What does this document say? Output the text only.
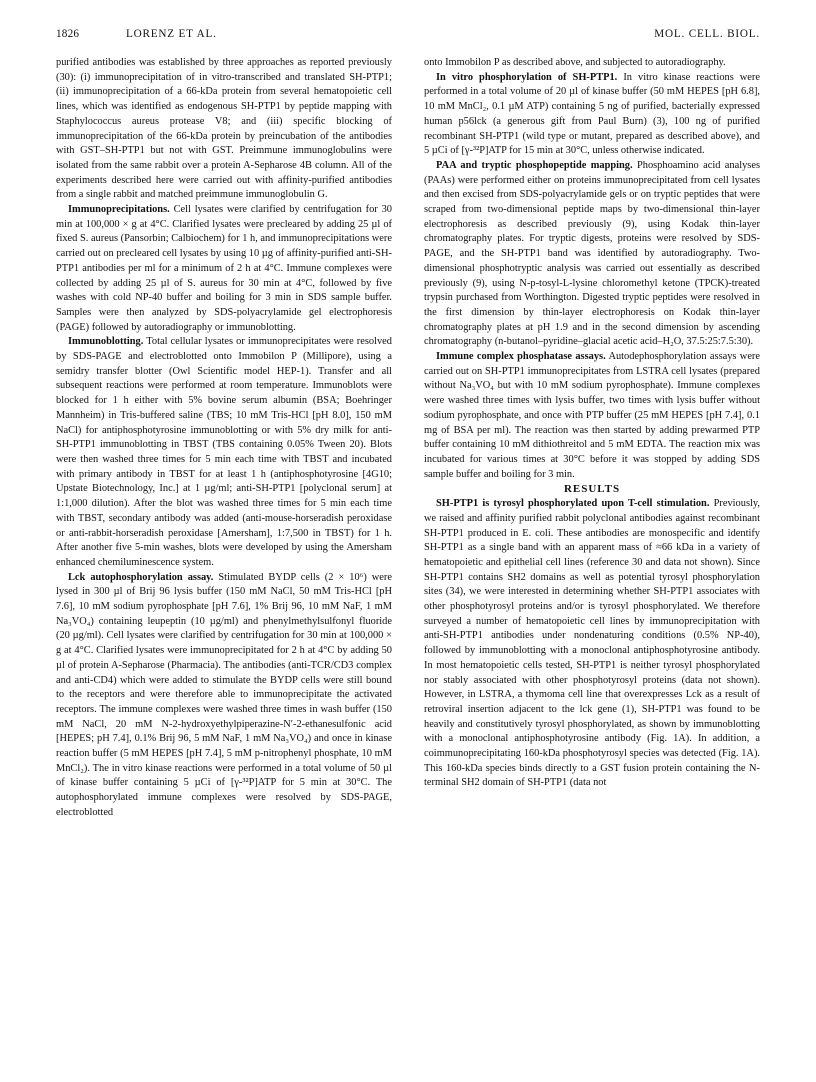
1826	LORENZ ET AL.	MOL. CELL. BIOL.

purified antibodies was established by three approaches as reported previously (30): (i) immunoprecipitation of in vitro-transcribed and translated SH-PTP1; (ii) immunoprecipitation of a 66-kDa protein from several hematopoietic cell lines, which was identified as endogenous SH-PTP1 by peptide mapping with Staphylococcus aureus protease V8; and (iii) specific blocking of immunoprecipitation of the 66-kDa protein by preincubation of the antibodies with GST–SH-PTP1 but not with GST. Preimmune immunoglobulins were isolated from the same rabbit over a protein A-Sepharose 4B column. All of the experiments described here were carried out with affinity-purified antibodies from a single rabbit and matched preimmune immunoglobulin G.

Immunoprecipitations. Cell lysates were clarified by centrifugation for 30 min at 100,000 × g at 4°C. Clarified lysates were precleared by adding 25 µl of fixed S. aureus (Pansorbin; Calbiochem) for 1 h, and immunoprecipitations were carried out on precleared cell lysates by using 10 µg of affinity-purified anti-SH-PTP1 antibodies per ml for a minimum of 2 h at 4°C. Immune complexes were collected by adding 25 µl of S. aureus for 30 min at 4°C, followed by five washes with cold NP-40 buffer and boiling for 3 min in SDS sample buffer. Samples were then analyzed by SDS-polyacrylamide gel electrophoresis (PAGE) followed by autoradiography or immunoblotting.

Immunoblotting. Total cellular lysates or immunoprecipitates were resolved by SDS-PAGE and electroblotted onto Immobilon P (Millipore), using a semidry transfer blotter (Owl Scientific model HEP-1). Transfer and all subsequent reactions were performed at room temperature. Immunoblots were blocked for 1 h either with 5% bovine serum albumin (BSA; Boehringer Mannheim) in Tris-buffered saline (TBS; 10 mM Tris-HCl [pH 8.0], 150 mM NaCl) for antiphosphotyrosine immunoblotting or with 5% dry milk for anti-SH-PTP1 immunoblotting in TBST (TBS containing 0.05% Tween 20). Blots were then washed three times for 5 min each time with TBST and incubated with primary antibody in TBST for at least 1 h (antiphosphotyrosine [4G10; Upstate Biotechnology, Inc.] at 1 µg/ml; anti-SH-PTP1 [polyclonal serum] at 1:1,000 dilution). After the blot was washed three times for 5 min each time with TBST, secondary antibody was added (anti-mouse-horseradish peroxidase or anti-rabbit-horseradish peroxidase [Amersham], 1:7,500 in TBST) for 1 h. After another five 5-min washes, blots were developed by using the Amersham enhanced chemiluminescence system.

Lck autophosphorylation assay. Stimulated BYDP cells (2 × 10⁶) were lysed in 300 µl of Brij 96 lysis buffer (150 mM NaCl, 50 mM Tris-HCl [pH 7.6], 10 mM sodium pyrophosphate [pH 7.6], 1% Brij 96, 10 mM NaF, 1 mM Na₃VO₄) containing leupeptin (10 µg/ml) and phenylmethylsulfonyl fluoride (20 µg/ml). Cell lysates were clarified by centrifugation for 30 min at 100,000 × g at 4°C. Clarified lysates were immunoprecipitated for 2 h at 4°C by adding 50 µl of protein A-Sepharose (Pharmacia). The antibodies (anti-TCR/CD3 complex and anti-CD4) which were added to stimulate the BYDP cells were still bound to the receptors and were therefore able to immunoprecipitate the activated receptors. The immune complexes were washed three times in wash buffer (150 mM NaCl, 20 mM N-2-hydroxyethylpiperazine-N′-2-ethanesulfonic acid [HEPES; pH 7.4], 0.1% Brij 96, 5 mM NaF, 1 mM Na₃VO₄) and once in kinase reaction buffer (5 mM HEPES [pH 7.4], 5 mM p-nitrophenyl phosphate, 10 mM MnCl₂). The in vitro kinase reactions were performed in a total volume of 50 µl of kinase buffer containing 5 µCi of [γ-³²P]ATP for 5 min at 30°C. The autophosphorylated immune complexes were resolved by SDS-PAGE, electroblotted

onto Immobilon P as described above, and subjected to autoradiography.

In vitro phosphorylation of SH-PTP1. In vitro kinase reactions were performed in a total volume of 20 µl of kinase buffer (50 mM HEPES [pH 6.8], 10 mM MnCl₂, 0.1 µM ATP) containing 5 ng of purified, bacterially expressed human p56lck (a generous gift from Paul Burn) (3), 100 ng of purified recombinant SH-PTP1 (wild type or mutant, prepared as described above), and 5 µCi of [γ-³²P]ATP for 15 min at 30°C, unless otherwise indicated.

PAA and tryptic phosphopeptide mapping. Phosphoamino acid analyses (PAAs) were performed either on proteins immunoprecipitated from cell lysates and then excised from SDS-polyacrylamide gels or on tryptic peptides that were scraped from two-dimensional peptide maps by two-dimensional thin-layer electrophoresis as described previously (9), using Kodak thin-layer chromatography plates. For tryptic digests, proteins were resolved by SDS-PAGE, and the SH-PTP1 band was identified by autoradiography. Two-dimensional phosphotryptic analysis was carried out essentially as described previously (9), using N-p-tosyl-L-lysine chloromethyl ketone (TPCK)-treated trypsin purchased from Worthington. Digested tryptic peptides were resolved in the first dimension by thin-layer electrophoresis on Kodak thin-layer chromatography plates at pH 1.9 and in the second dimension by ascending chromatography (n-butanol–pyridine–glacial acetic acid–H₂O, 37.5:25:7.5:30).

Immune complex phosphatase assays. Autodephosphorylation assays were carried out on SH-PTP1 immunoprecipitates from LSTRA cell lysates (prepared without Na₃VO₄ but with 10 mM sodium pyrophosphate). Immune complexes were washed three times with lysis buffer, two times with lysis buffer without sodium pyrophosphate, and once with PTP buffer (25 mM HEPES [pH 7.4], 0.1 mg of BSA per ml). The reaction was then started by adding prewarmed PTP buffer containing 10 mM dithiothreitol and 5 mM EDTA. The reaction mix was incubated for various times at 30°C before it was stopped by adding SDS sample buffer and boiling for 3 min.

RESULTS

SH-PTP1 is tyrosyl phosphorylated upon T-cell stimulation. Previously, we raised and affinity purified rabbit polyclonal antibodies against recombinant SH-PTP1 produced in E. coli. These antibodies are monospecific and identify SH-PTP1 as a single band with an apparent mass of ≈66 kDa in a variety of hematopoietic and epithelial cell lines (reference 30 and data not shown). Since SH-PTP1 contains SH2 domains as well as potential tyrosyl phosphorylation sites (34), we were interested in determining whether SH-PTP1 associates with other phosphotyrosyl proteins and/or is tyrosyl phosphorylated. We therefore surveyed a number of hematopoietic cell lines by immunoprecipitation with anti-SH-PTP1 antibodies under nondenaturing conditions (0.5% NP-40), followed by immunoblotting with a monoclonal antiphosphotyrosine antibody. In most hematopoietic cells tested, SH-PTP1 is neither tyrosyl phosphorylated nor stably associated with other phosphotyrosyl proteins (data not shown). However, in LSTRA, a thymoma cell line that overexpresses Lck as a result of retroviral insertion adjacent to the lck gene (1), SH-PTP1 was found to be heavily and constitutively tyrosyl phosphorylated, as shown by immunoblotting with a monoclonal antiphosphotyrosine antibody (Fig. 1A). In addition, a coimmunoprecipitating 160-kDa phosphotyrosyl species was detected (Fig. 1A). This 160-kDa species binds directly to a GST fusion protein containing the N-terminal SH2 domain of SH-PTP1 (data not
